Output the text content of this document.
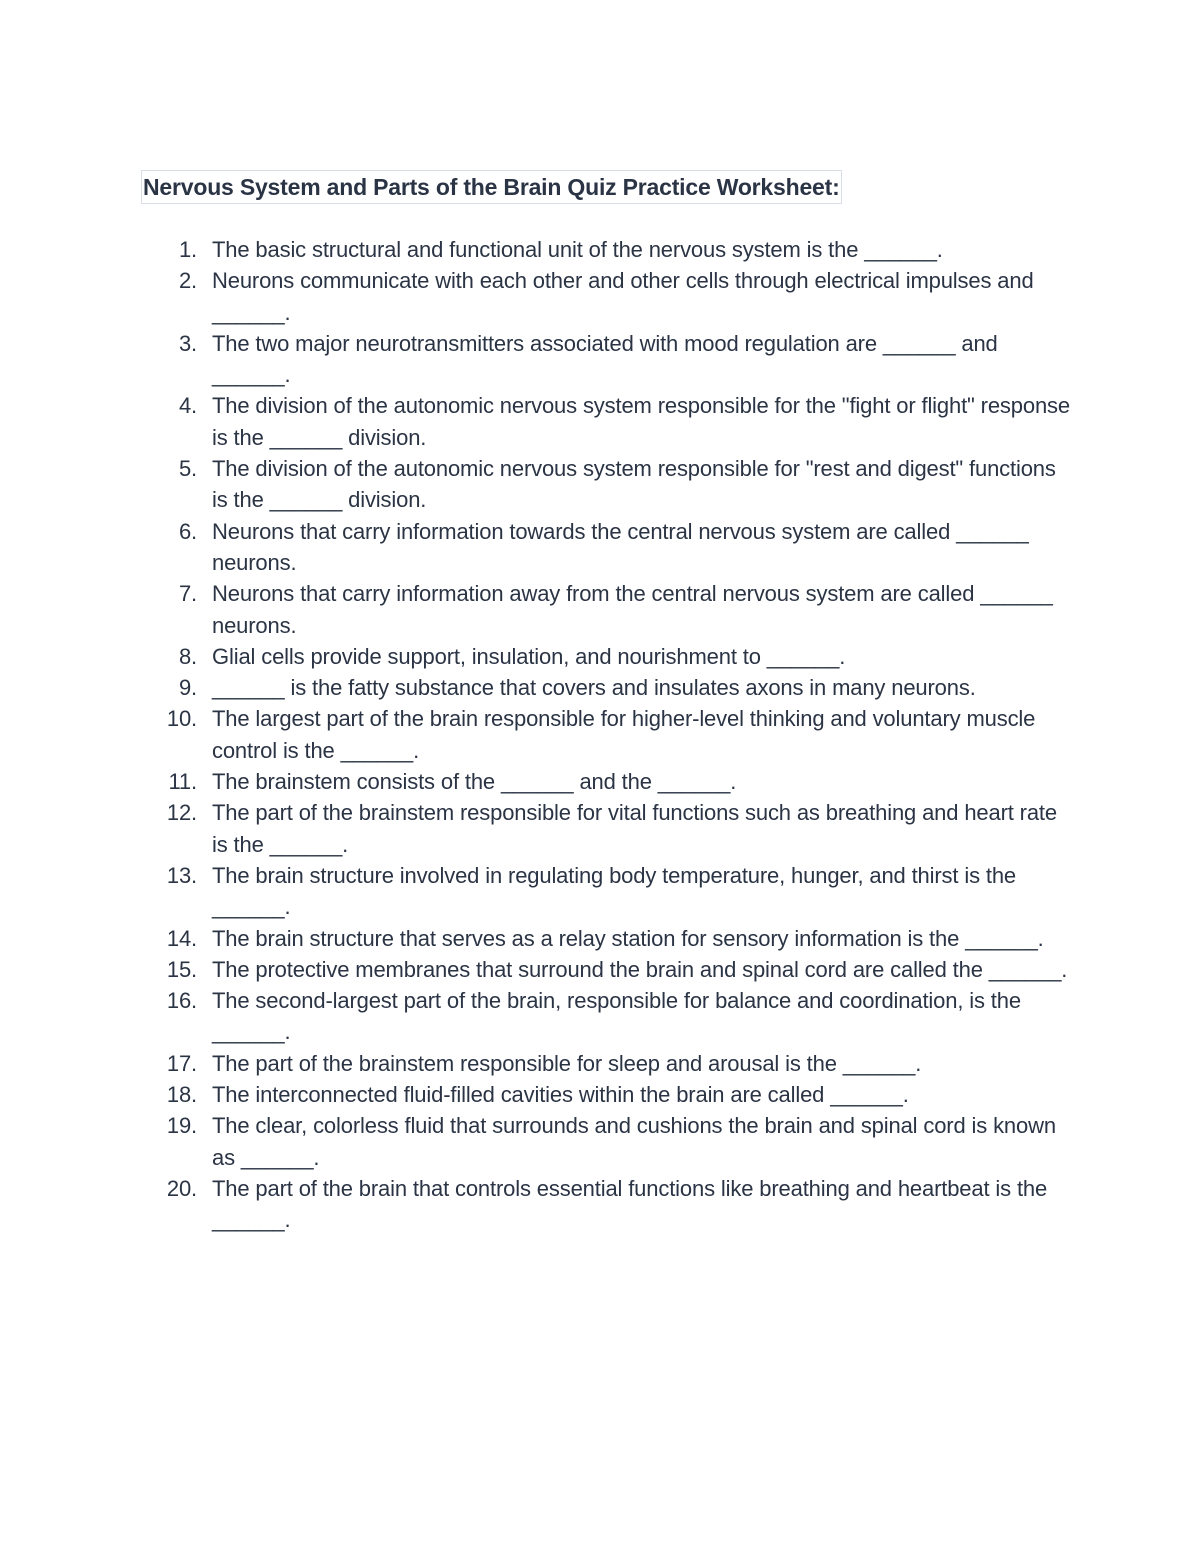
Nervous System and Parts of the Brain Quiz Practice Worksheet:
1. The basic structural and functional unit of the nervous system is the ______.
2. Neurons communicate with each other and other cells through electrical impulses and ______.
3. The two major neurotransmitters associated with mood regulation are ______ and ______.
4. The division of the autonomic nervous system responsible for the "fight or flight" response is the ______ division.
5. The division of the autonomic nervous system responsible for "rest and digest" functions is the ______ division.
6. Neurons that carry information towards the central nervous system are called ______ neurons.
7. Neurons that carry information away from the central nervous system are called ______ neurons.
8. Glial cells provide support, insulation, and nourishment to ______.
9. ______ is the fatty substance that covers and insulates axons in many neurons.
10. The largest part of the brain responsible for higher-level thinking and voluntary muscle control is the ______.
11. The brainstem consists of the ______ and the ______.
12. The part of the brainstem responsible for vital functions such as breathing and heart rate is the ______.
13. The brain structure involved in regulating body temperature, hunger, and thirst is the ______.
14. The brain structure that serves as a relay station for sensory information is the ______.
15. The protective membranes that surround the brain and spinal cord are called the ______.
16. The second-largest part of the brain, responsible for balance and coordination, is the ______.
17. The part of the brainstem responsible for sleep and arousal is the ______.
18. The interconnected fluid-filled cavities within the brain are called ______.
19. The clear, colorless fluid that surrounds and cushions the brain and spinal cord is known as ______.
20. The part of the brain that controls essential functions like breathing and heartbeat is the ______.
